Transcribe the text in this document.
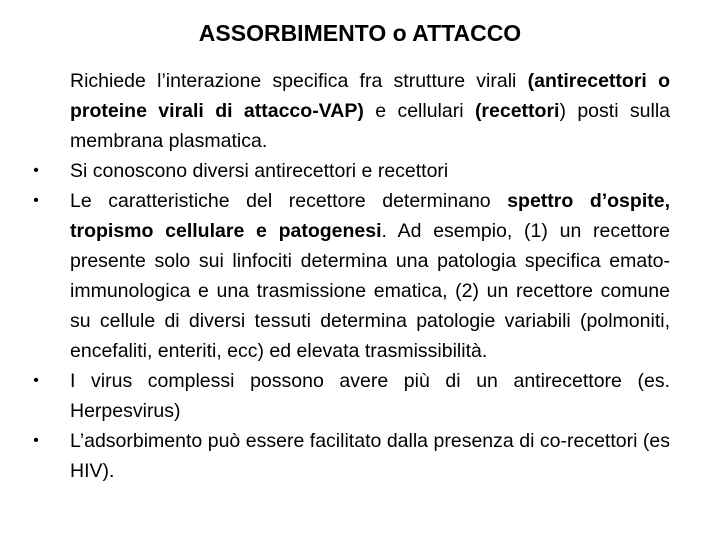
ASSORBIMENTO o ATTACCO
Richiede l’interazione specifica fra strutture virali (antirecettori o proteine virali di attacco-VAP) e cellulari (recettori) posti sulla membrana plasmatica.
• Si conoscono diversi antirecettori e recettori
• Le caratteristiche del recettore determinano spettro d’ospite, tropismo cellulare e patogenesi. Ad esempio, (1) un recettore presente solo sui linfociti determina una patologia specifica emato-immunologica e una trasmissione ematica, (2) un recettore comune su cellule di diversi tessuti determina patologie variabili (polmoniti, encefaliti, enteriti, ecc) ed elevata trasmissibilità.
• I virus complessi possono avere più di un antirecettore (es. Herpesvirus)
• L’adsorbimento può essere facilitato dalla presenza di co-recettori (es HIV).
